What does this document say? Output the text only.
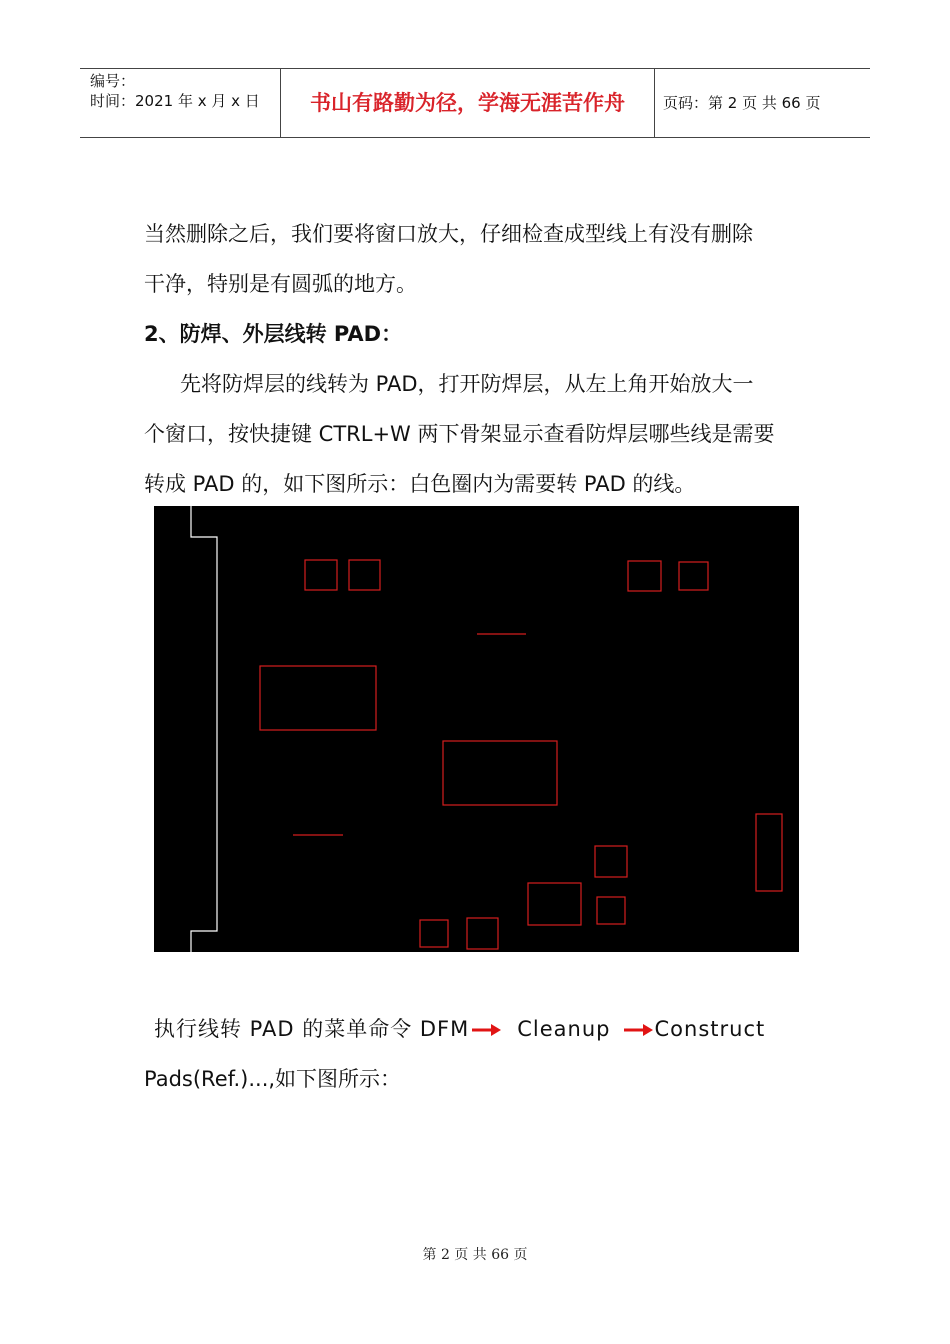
编号：
时间：2021 年 x 月 x 日	书山有路勤为径，学海无涯苦作舟	页码：第 2 页 共 66 页
当然删除之后，我们要将窗口放大，仔细检查成型线上有没有删除
干净，特别是有圆弧的地方。
2、防焊、外层线转 PAD：
先将防焊层的线转为 PAD，打开防焊层，从左上角开始放大一
个窗口，按快捷键 CTRL+W 两下骨架显示查看防焊层哪些线是需要
转成 PAD 的，如下图所示：白色圈内为需要转 PAD 的线。
执行线转 PAD 的菜单命令 DFM Cleanup Construct
Pads(Ref.)...,如下图所示：
第 2 页 共 66 页
